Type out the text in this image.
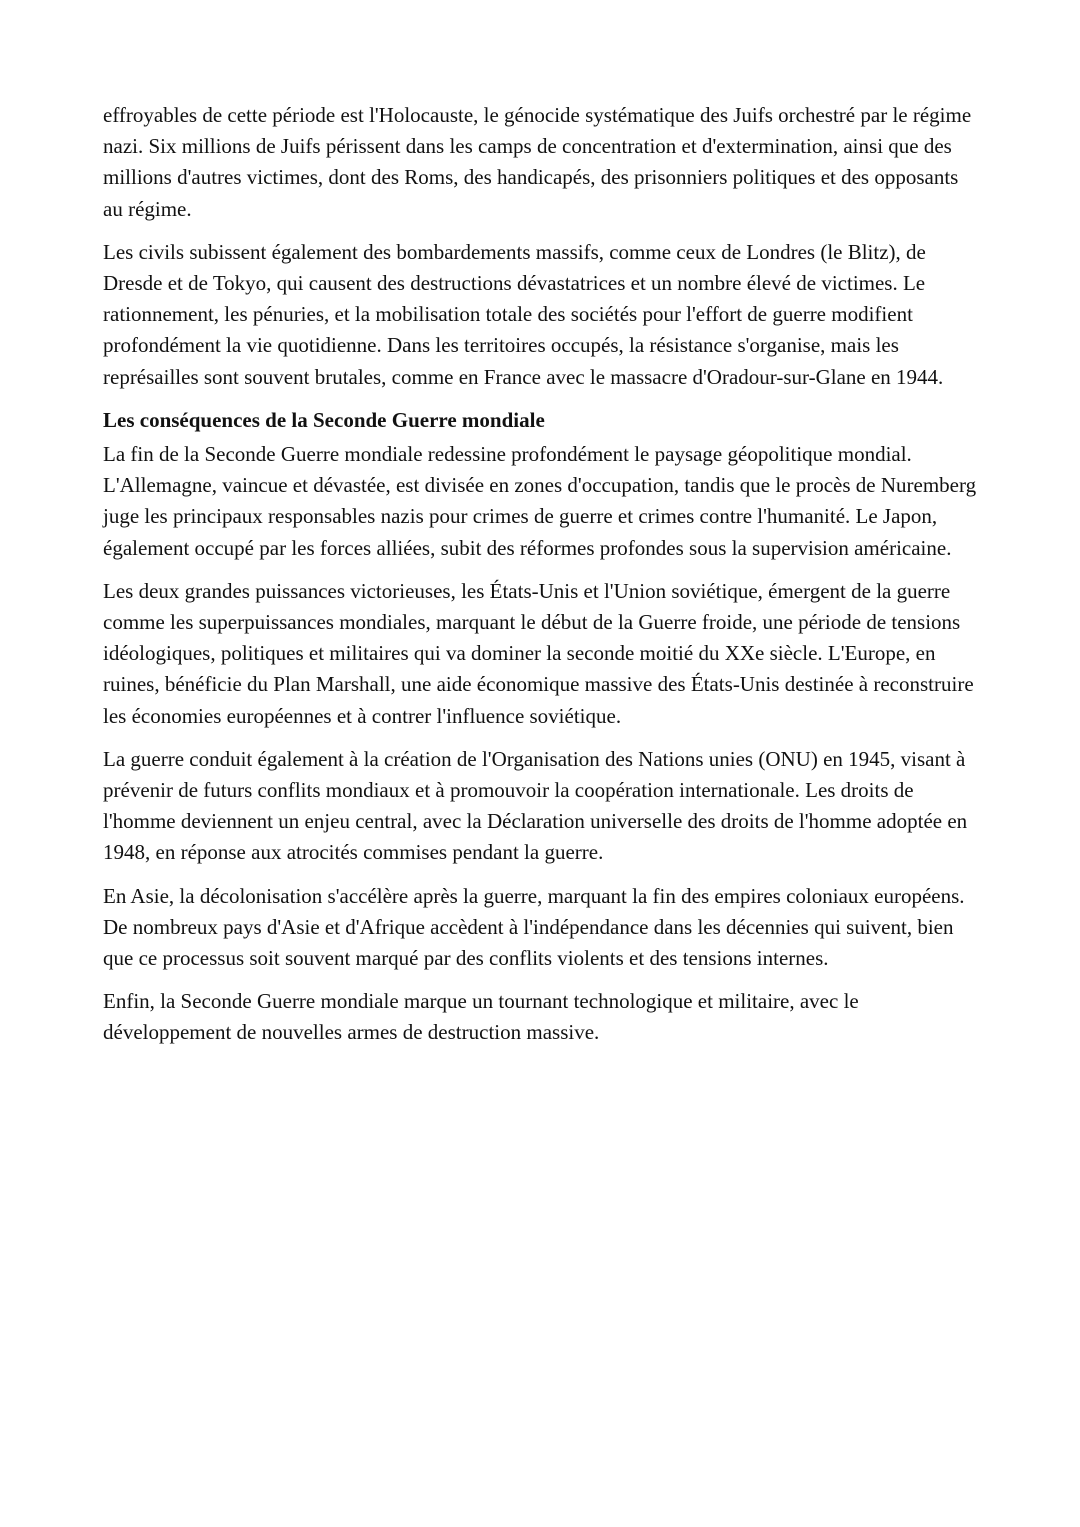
effroyables de cette période est l'Holocauste, le génocide systématique des Juifs orchestré par le régime nazi. Six millions de Juifs périssent dans les camps de concentration et d'extermination, ainsi que des millions d'autres victimes, dont des Roms, des handicapés, des prisonniers politiques et des opposants au régime.

Les civils subissent également des bombardements massifs, comme ceux de Londres (le Blitz), de Dresde et de Tokyo, qui causent des destructions dévastatrices et un nombre élevé de victimes. Le rationnement, les pénuries, et la mobilisation totale des sociétés pour l'effort de guerre modifient profondément la vie quotidienne. Dans les territoires occupés, la résistance s'organise, mais les représailles sont souvent brutales, comme en France avec le massacre d'Oradour-sur-Glane en 1944.

Les conséquences de la Seconde Guerre mondiale

La fin de la Seconde Guerre mondiale redessine profondément le paysage géopolitique mondial. L'Allemagne, vaincue et dévastée, est divisée en zones d'occupation, tandis que le procès de Nuremberg juge les principaux responsables nazis pour crimes de guerre et crimes contre l'humanité. Le Japon, également occupé par les forces alliées, subit des réformes profondes sous la supervision américaine.

Les deux grandes puissances victorieuses, les États-Unis et l'Union soviétique, émergent de la guerre comme les superpuissances mondiales, marquant le début de la Guerre froide, une période de tensions idéologiques, politiques et militaires qui va dominer la seconde moitié du XXe siècle. L'Europe, en ruines, bénéficie du Plan Marshall, une aide économique massive des États-Unis destinée à reconstruire les économies européennes et à contrer l'influence soviétique.

La guerre conduit également à la création de l'Organisation des Nations unies (ONU) en 1945, visant à prévenir de futurs conflits mondiaux et à promouvoir la coopération internationale. Les droits de l'homme deviennent un enjeu central, avec la Déclaration universelle des droits de l'homme adoptée en 1948, en réponse aux atrocités commises pendant la guerre.

En Asie, la décolonisation s'accélère après la guerre, marquant la fin des empires coloniaux européens. De nombreux pays d'Asie et d'Afrique accèdent à l'indépendance dans les décennies qui suivent, bien que ce processus soit souvent marqué par des conflits violents et des tensions internes.

Enfin, la Seconde Guerre mondiale marque un tournant technologique et militaire, avec le développement de nouvelles armes de destruction massive.
